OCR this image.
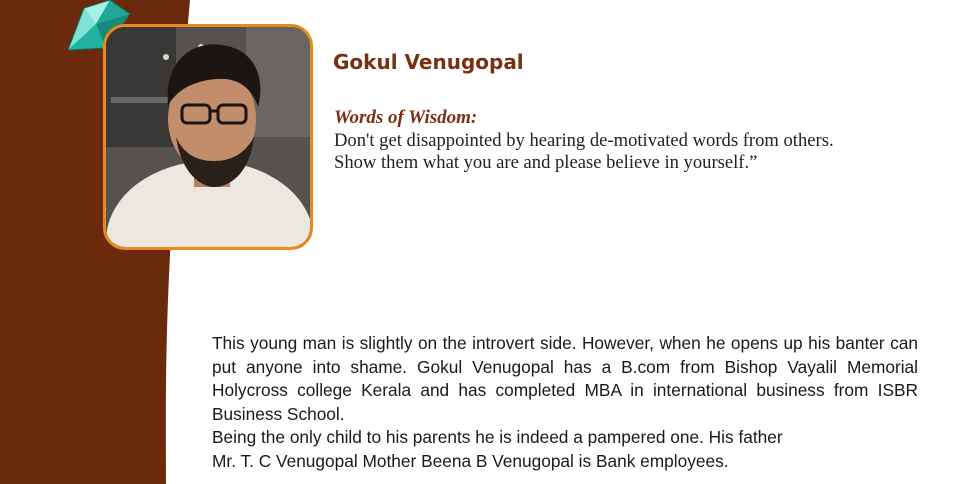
Gokul Venugopal

Words of Wisdom:

Don't get disappointed by hearing de-motivated words from others.

Show them what you are and please believe in yourself.”

This young man is slightly on the introvert side. However, when he opens up his banter can put anyone into shame. Gokul Venugopal has a B.com from Bishop Vayalil Memorial Holycross college Kerala and has completed MBA in international business from ISBR Business School.

Being the only child to his parents he is indeed a pampered one. His father

Mr. T. C Venugopal Mother Beena B Venugopal is Bank employees.
